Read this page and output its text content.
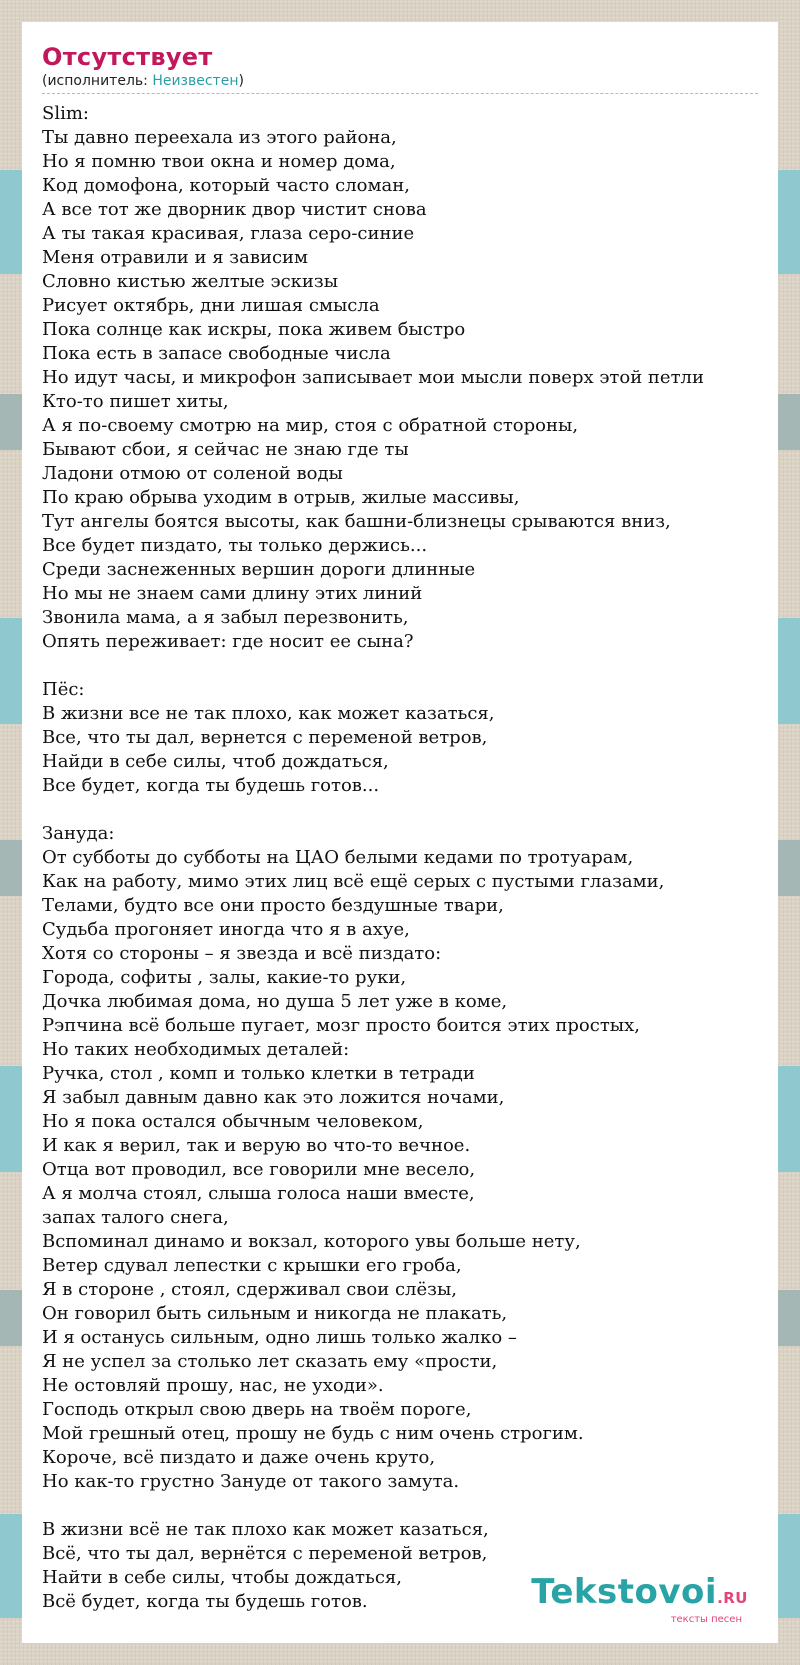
Отсутствует
(исполнитель: Неизвестен)
Slim:
Ты давно переехала из этого района,
Но я помню твои окна и номер дома,
Код домофона, который часто сломан,
А все тот же дворник двор чистит снова
А ты такая красивая, глаза серо-синие
Меня отравили и я зависим
Словно кистью желтые эскизы
Рисует октябрь, дни лишая смысла
Пока солнце как искры, пока живем быстро
Пока есть в запасе свободные числа
Но идут часы, и микрофон записывает мои мысли поверх этой петли
Кто-то пишет хиты,
А я по-своему смотрю на мир, стоя с обратной стороны,
Бывают сбои, я сейчас не знаю где ты
Ладони отмою от соленой воды
По краю обрыва уходим в отрыв, жилые массивы,
Тут ангелы боятся высоты, как башни-близнецы срываются вниз,
Все будет пиздато, ты только держись...
Среди заснеженных вершин дороги длинные
Но мы не знаем сами длину этих линий
Звонила мама, а я забыл перезвонить,
Опять переживает: где носит ее сына?
Пёс:
В жизни все не так плохо, как может казаться,
Все, что ты дал, вернется с переменой ветров,
Найди в себе силы, чтоб дождаться,
Все будет, когда ты будешь готов...
Зануда:
От субботы до субботы на ЦАО белыми кедами по тротуарам,
Как на работу, мимо этих лиц всё ещё серых с пустыми глазами,
Телами, будто все они просто бездушные твари,
Судьба прогоняет иногда что я в ахуе,
Хотя со стороны – я звезда и всё пиздато:
Города, софиты , залы, какие-то руки,
Дочка любимая дома, но душа 5 лет уже в коме,
Рэпчина всё больше пугает, мозг просто боится этих простых,
Но таких необходимых деталей:
Ручка, стол , комп и только клетки в тетради
Я забыл давным давно как это ложится ночами,
Но я пока остался обычным человеком,
И как я верил, так и верую во что-то вечное.
Отца вот проводил, все говорили мне весело,
А я молча стоял, слыша голоса наши вместе,
запах талого снега,
Вспоминал динамо и вокзал, которого увы больше нету,
Ветер сдувал лепестки с крышки его гроба,
Я в стороне , стоял, сдерживал свои слёзы,
Он говорил быть сильным и никогда не плакать,
И я останусь сильным, одно лишь только жалко –
Я не успел за столько лет сказать ему «прости,
Не остовляй прошу, нас, не уходи».
Господь открыл свою дверь на твоём пороге,
Мой грешный отец, прошу не будь с ним очень строгим.
Короче, всё пиздато и даже очень круто,
Но как-то грустно Зануде от такого замута.
В жизни всё не так плохо как может казаться,
Всё, что ты дал, вернётся с переменой ветров,
Найти в себе силы, чтобы дождаться,
Всё будет, когда ты будешь готов.	Tekstovoi.RU
тексты песен
